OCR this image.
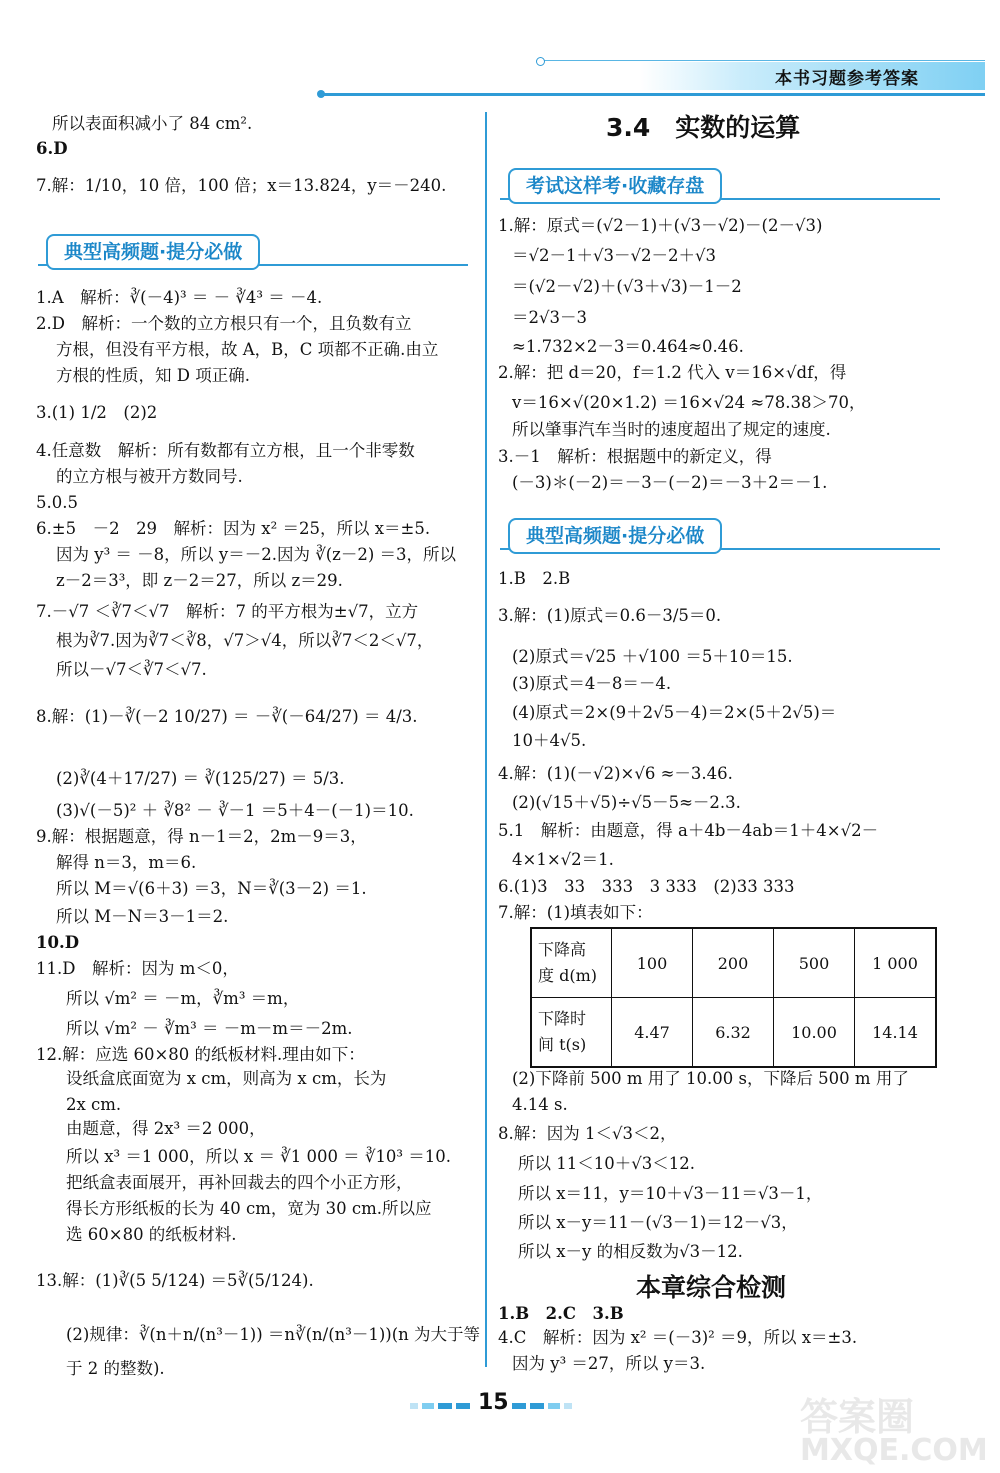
本书习题参考答案
所以表面积减小了 84 cm².
6.D
7.解：1/10，10 倍，100 倍；x＝13.824，y＝－240.
典型高频题·提分必做
1.A　解析：∛(－4)³ ＝ － ∛4³ ＝ －4.
2.D　解析：一个数的立方根只有一个，且负数有立
方根，但没有平方根，故 A，B，C 项都不正确.由立
方根的性质，知 D 项正确.
3.(1) 1/2　(2)2
4.任意数　解析：所有数都有立方根，且一个非零数
的立方根与被开方数同号.
5.0.5
6.±5　－2　29　解析：因为 x² ＝25，所以 x＝±5.
因为 y³ ＝ －8，所以 y＝－2.因为 ∛(z－2) ＝3，所以
z－2＝3³，即 z－2＝27，所以 z＝29.
7.－√7 ＜∛7＜√7　解析：7 的平方根为±√7，立方
根为∛7.因为∛7＜∛8，√7＞√4，所以∛7＜2＜√7，
所以－√7＜∛7＜√7.
8.解：(1)－∛(－2 10/27) ＝ －∛(－64/27) ＝ 4/3.
(2)∛(4＋17/27) ＝ ∛(125/27) ＝ 5/3.
(3)√(－5)² ＋ ∛8² － ∛－1 ＝5＋4－(－1)＝10.
9.解：根据题意，得 n－1＝2，2m－9＝3，
解得 n＝3，m＝6.
所以 M＝√(6＋3) ＝3，N＝∛(3－2) ＝1.
所以 M－N＝3－1＝2.
10.D
11.D　解析：因为 m＜0，
所以 √m² ＝ －m，∛m³ ＝m，
所以 √m² － ∛m³ ＝ －m－m＝－2m.
12.解：应选 60×80 的纸板材料.理由如下：
设纸盒底面宽为 x cm，则高为 x cm，长为
2x cm.
由题意，得 2x³ ＝2 000，
所以 x³ ＝1 000，所以 x ＝ ∛1 000 ＝ ∛10³ ＝10.
把纸盒表面展开，再补回裁去的四个小正方形，
得长方形纸板的长为 40 cm，宽为 30 cm.所以应
选 60×80 的纸板材料.
13.解：(1)∛(5 5/124) ＝5∛(5/124).
(2)规律：∛(n＋n/(n³－1)) ＝n∛(n/(n³－1))(n 为大于等
于 2 的整数).
3.4　实数的运算
考试这样考·收藏存盘
1.解：原式＝(√2－1)＋(√3－√2)－(2－√3)
＝√2－1＋√3－√2－2＋√3
＝(√2－√2)＋(√3＋√3)－1－2
＝2√3－3
≈1.732×2－3＝0.464≈0.46.
2.解：把 d＝20，f＝1.2 代入 v＝16×√df，得
v＝16×√(20×1.2) ＝16×√24 ≈78.38＞70，
所以肇事汽车当时的速度超出了规定的速度.
3.－1　解析：根据题中的新定义，得
(－3)＊(－2)＝－3－(－2)＝－3＋2＝－1.
典型高频题·提分必做
1.B　2.B
3.解：(1)原式＝0.6－3/5＝0.
(2)原式＝√25 ＋√100 ＝5＋10＝15.
(3)原式＝4－8＝－4.
(4)原式＝2×(9＋2√5－4)＝2×(5＋2√5)＝
10＋4√5.
4.解：(1)(－√2)×√6 ≈－3.46.
(2)(√15＋√5)÷√5－5≈－2.3.
5.1　解析：由题意，得 a＋4b－4ab＝1＋4×√2－
4×1×√2＝1.
6.(1)3　33　333　3 333　(2)33 333
7.解：(1)填表如下：
下降高
度 d(m)	100	200	500	1 000
下降时
间 t(s)	4.47	6.32	10.00	14.14
(2)下降前 500 m 用了 10.00 s，下降后 500 m 用了
4.14 s.
8.解：因为 1＜√3＜2，
所以 11＜10＋√3＜12.
所以 x＝11，y＝10＋√3－11＝√3－1，
所以 x－y＝11－(√3－1)＝12－√3，
所以 x－y 的相反数为√3－12.
本章综合检测
1.B　2.C　3.B
4.C　解析：因为 x² ＝(－3)² ＝9，所以 x＝±3.
因为 y³ ＝27，所以 y＝3.
15	答案圈
MXQE.COM
